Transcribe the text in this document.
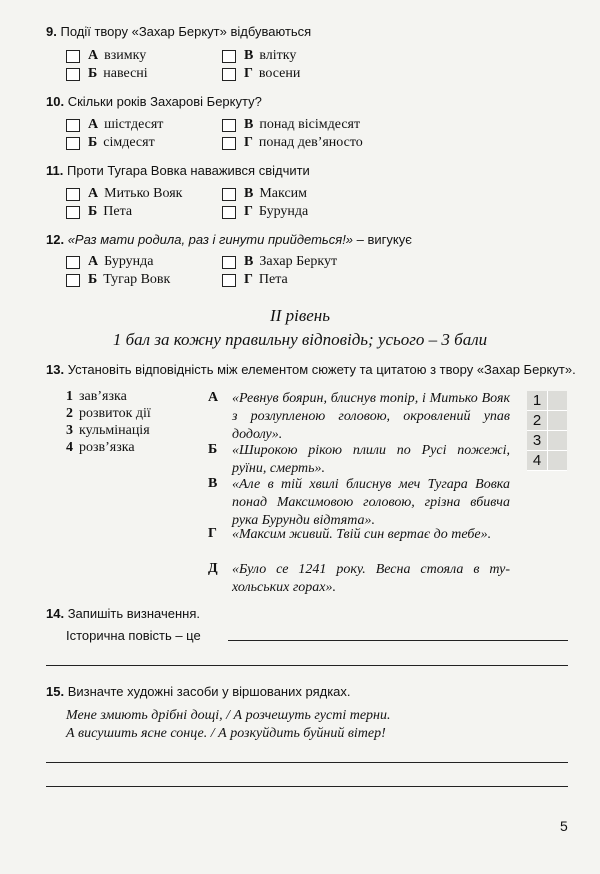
9. Події твору «Захар Беркут» відбуваються
А взимку
Б навесні
В влітку
Г восени
10. Скільки років Захарові Беркуту?
А шістдесят
Б сімдесят
В понад вісімдесят
Г понад дев’яносто
11. Проти Тугара Вовка наважився свідчити
А Митько Вояк
Б Пета
В Максим
Г Бурунда
12. «Раз мати родила, раз і гинути прийдеться!» – вигукує
А Бурунда
Б Тугар Вовк
В Захар Беркут
Г Пета
ІІ рівень
1 бал за кожну правильну відповідь; усього – 3 бали
13. Установіть відповідність між елементом сюжету та цитатою з твору «Захар Беркут».
1 зав’язка
2 розвиток дії
3 кульмінація
4 розв’язка
А «Ревнув боярин, блиснув топір, і Митько Вояк з розлупленою головою, окровлений упав додолу».
Б «Широкою рікою плили по Русі пожежі, руїни, смерть».
В «Але в тій хвилі блиснув меч Тугара Вовка понад Максимовою головою, грізна вбивча рука Бурунди відтята».
Г «Максим живий. Твій син вертає до тебе».
Д «Було се 1241 року. Весна стояла в ту-хольських горах».
1
2
3
4
14. Запишіть визначення.
Історична повість – це
15. Визначте художні засоби у віршованих рядках.
Мене змиють дрібні дощі, / А розчешуть густі терни.
А висушить ясне сонце. / А розкуйдить буйний вітер!
5
